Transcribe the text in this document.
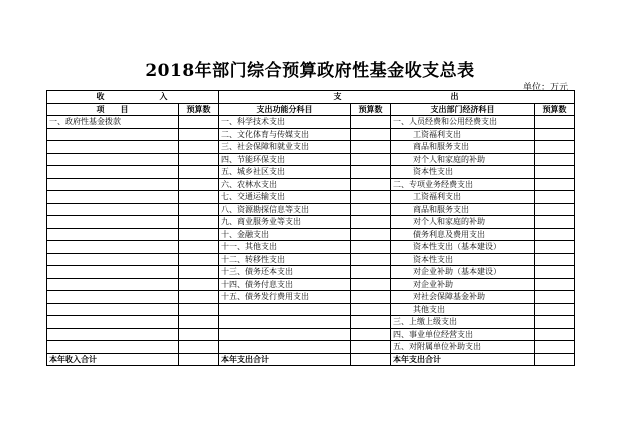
2018年部门综合预算政府性基金收支总表
单位：万元
收　　　　　　入		支　　　　　　　　　　　　出			
项　　目	预算数	支出功能分科目	预算数	支出部门经济科目	预算数
一、政府性基金拨款		一、科学技术支出		一、人员经费和公用经费支出	
		二、文化体育与传媒支出		工资福利支出	
		三、社会保障和就业支出		商品和服务支出	
		四、节能环保支出		对个人和家庭的补助	
		五、城乡社区支出		资本性支出	
		六、农林水支出		二、专项业务经费支出	
		七、交通运输支出		工资福利支出	
		八、资源勘探信息等支出		商品和服务支出	
		九、商业服务业等支出		对个人和家庭的补助	
		十、金融支出		债务利息及费用支出	
		十一、其他支出		资本性支出（基本建设）	
		十二、转移性支出		资本性支出	
		十三、债务还本支出		对企业补助（基本建设）	
		十四、债务付息支出		对企业补助	
		十五、债务发行费用支出		对社会保障基金补助	
				其他支出	
				三、上缴上级支出	
				四、事业单位经营支出	
				五、对附属单位补助支出	
本年收入合计		本年支出合计		本年支出合计	
